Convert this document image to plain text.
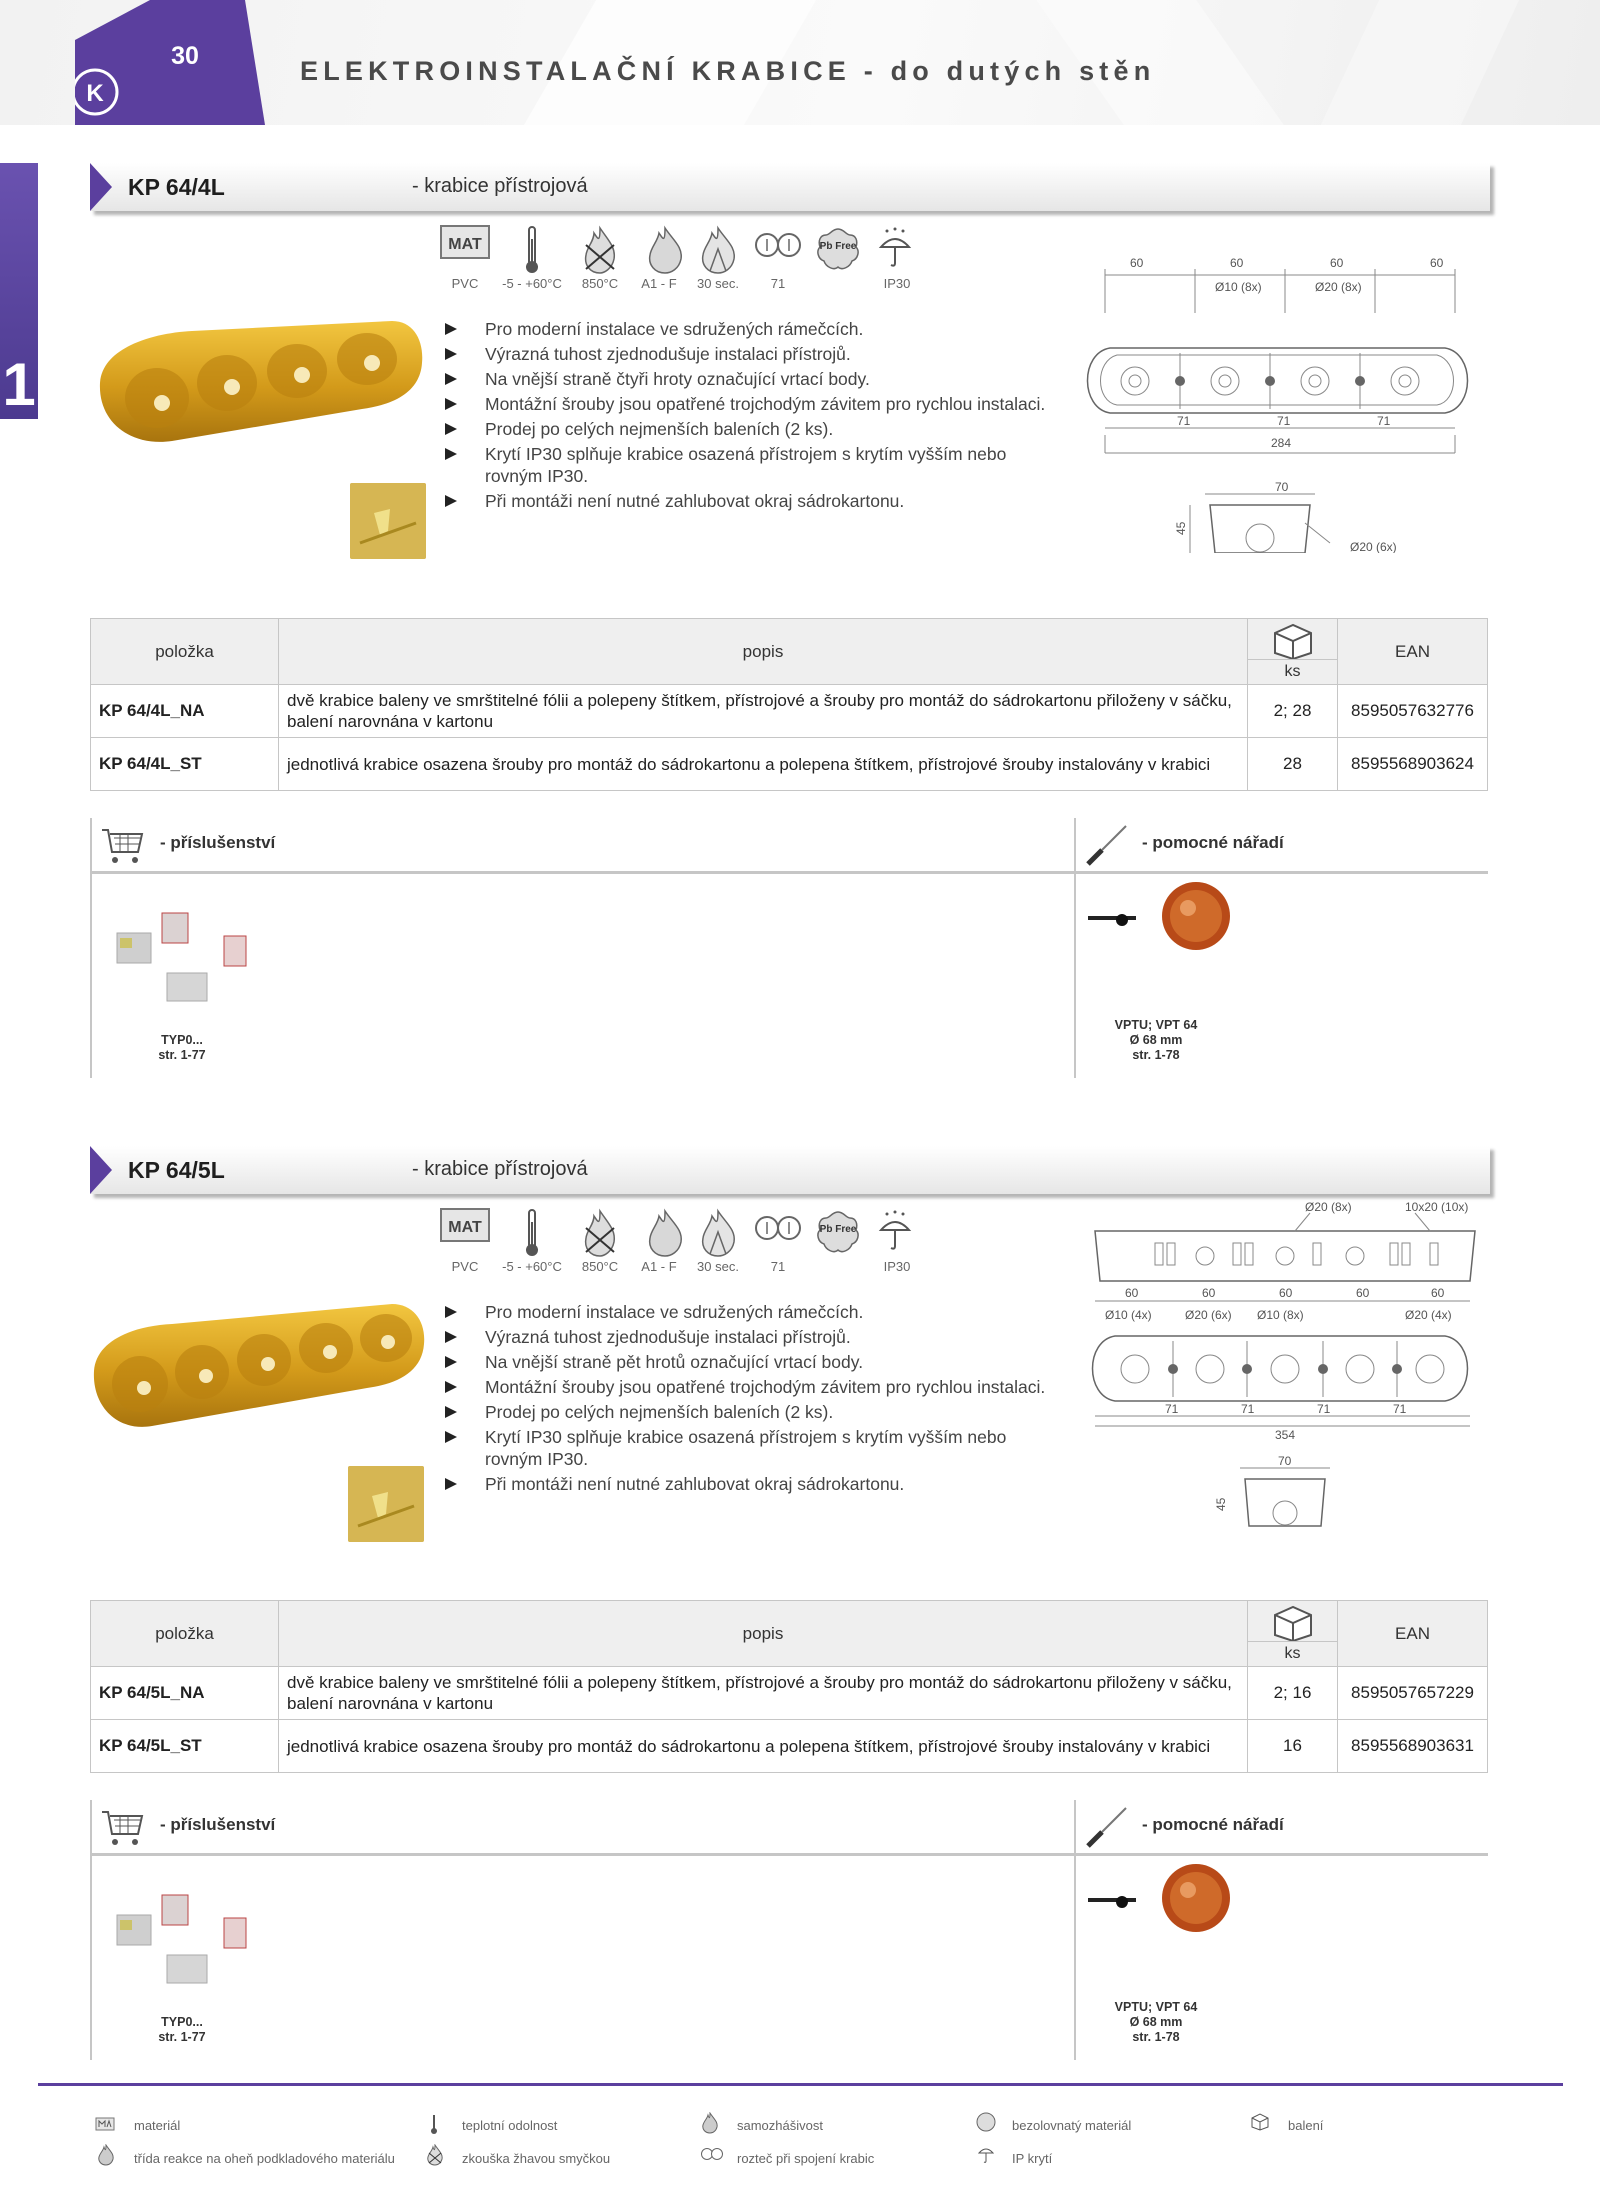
K
30	ELEKTROINSTALAČNÍ KRABICE - do dutých stěn
1
KP 64/4L	- krabice přístrojová
MAT	Pb Free
PVC	-5 - +60°C	850°C	A1 - F	30 sec.	71	IP30
Pro moderní instalace ve sdružených rámečcích.
Výrazná tuhost zjednodušuje instalaci přístrojů.
Na vnější straně čtyři hroty označující vrtací body.
Montážní šrouby jsou opatřené trojchodým závitem pro rychlou instalaci.
Prodej po celých nejmenších baleních (2 ks).
Krytí IP30 splňuje krabice osazená přístrojem s krytím vyšším nebo rovným IP30.
Při montáži není nutné zahlubovat okraj sádrokartonu.
60	60	60	60
Ø10 (8x)	Ø20 (8x)
71	71	71
284
70
45
Ø20 (6x)
položka	popis	ks	EAN
KP 64/4L_NA	dvě krabice baleny ve smrštitelné fólii a polepeny štítkem, přístrojové a šrouby pro montáž do sádrokartonu přiloženy v sáčku, balení narovnána v kartonu	2; 28	8595057632776
KP 64/4L_ST	jednotlivá krabice osazena šrouby pro montáž do sádrokartonu a polepena štítkem, přístrojové šrouby instalovány v krabici	28	8595568903624
- příslušenství
TYP0...
str. 1-77
- pomocné nářadí
VPTU; VPT 64
Ø 68 mm
str. 1-78
KP 64/5L	- krabice přístrojová
MAT	Pb Free
PVC	-5 - +60°C	850°C	A1 - F	30 sec.	71	IP30
Pro moderní instalace ve sdružených rámečcích.
Výrazná tuhost zjednodušuje instalaci přístrojů.
Na vnější straně pět hrotů označující vrtací body.
Montážní šrouby jsou opatřené trojchodým závitem pro rychlou instalaci.
Prodej po celých nejmenších baleních (2 ks).
Krytí IP30 splňuje krabice osazená přístrojem s krytím vyšším nebo rovným IP30.
Při montáži není nutné zahlubovat okraj sádrokartonu.
Ø20 (8x)	10x20 (10x)
60	60	60	60	60
Ø10 (4x)	Ø20 (6x) Ø10 (8x)	Ø20 (4x)
71	71	71	71
354
70
45
položka	popis	ks	EAN
KP 64/5L_NA	dvě krabice baleny ve smrštitelné fólii a polepeny štítkem, přístrojové a šrouby pro montáž do sádrokartonu přiloženy v sáčku, balení narovnána v kartonu	2; 16	8595057657229
KP 64/5L_ST	jednotlivá krabice osazena šrouby pro montáž do sádrokartonu a polepena štítkem, přístrojové šrouby instalovány v krabici	16	8595568903631
- příslušenství
TYP0...
str. 1-77
- pomocné nářadí
VPTU; VPT 64
Ø 68 mm
str. 1-78
materiál	teplotní odolnost	samozhášivost	bezolovnatý materiál	balení
třída reakce na oheň podkladového materiálu	zkouška žhavou smyčkou	rozteč při spojení krabic	IP krytí
